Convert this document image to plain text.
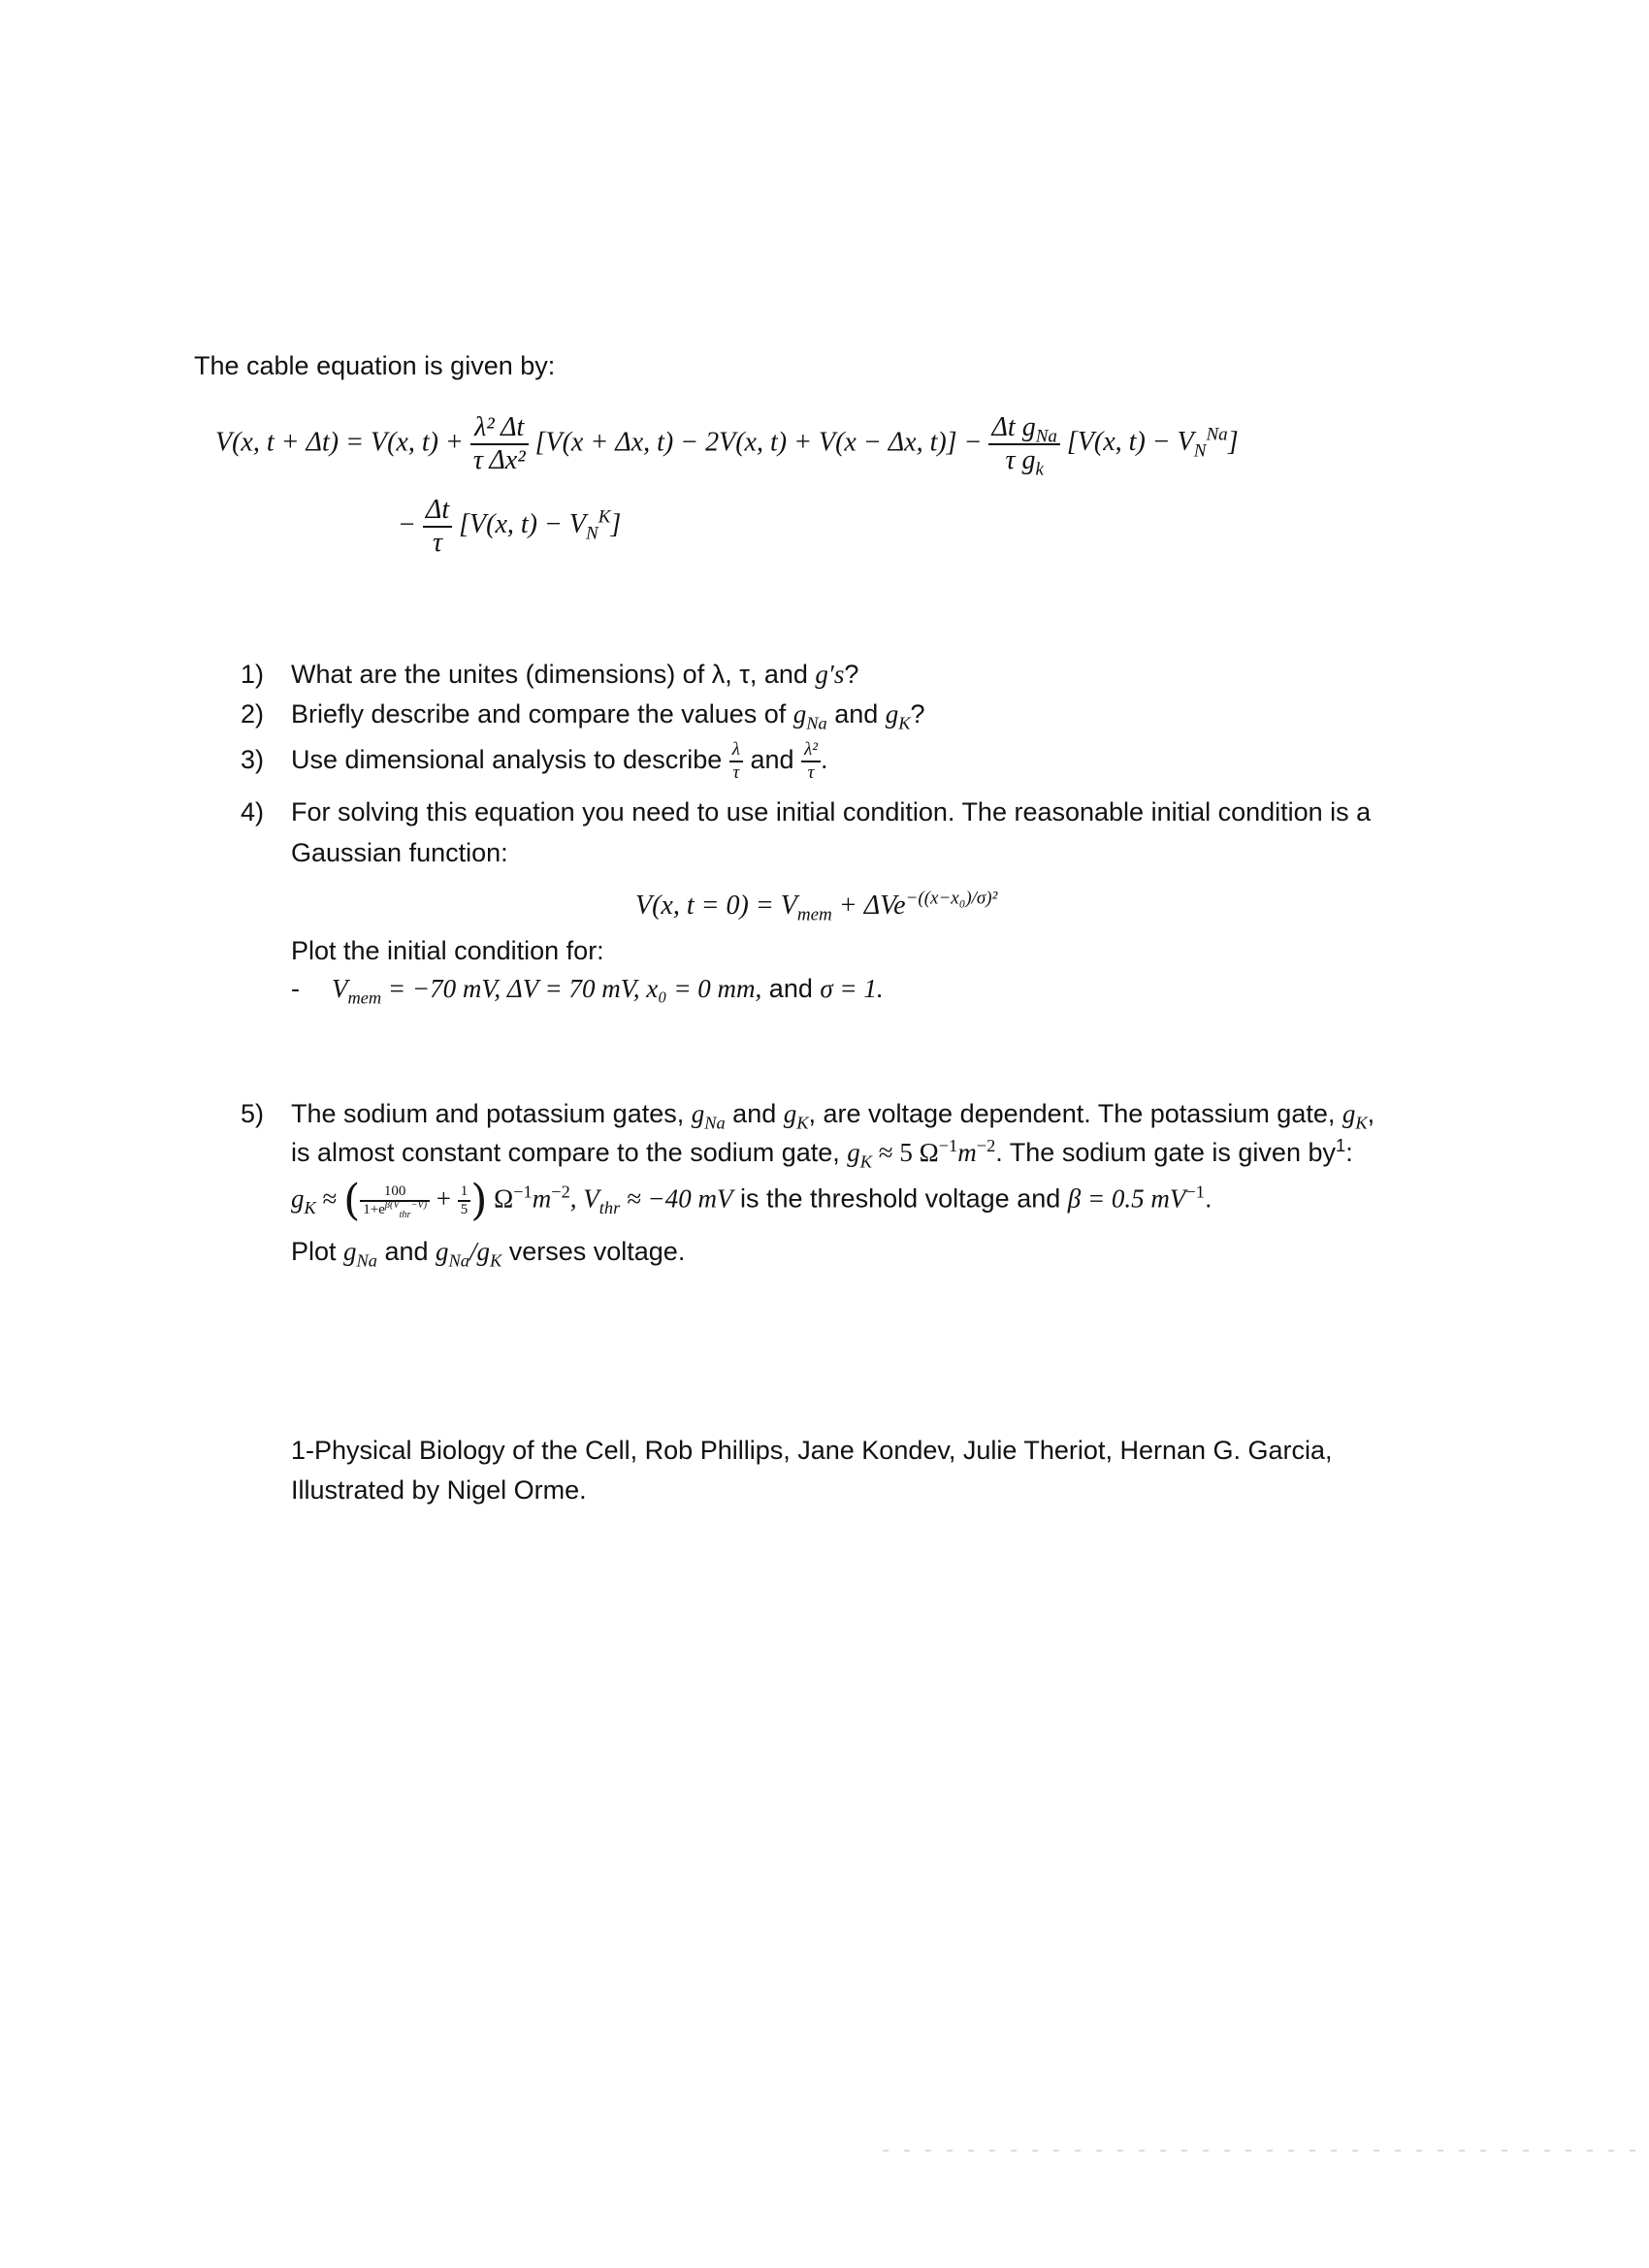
The cable equation is given by:
V(x, t + Δt) = V(x, $t) + \frac{\text{λ² Δt}}{\text{τ Δx²}} [V(x + \Delta x$, t) − 2V(x, t) + V(x − Δx, $t)] - \frac{\Delta t g_{Na}}{\tau g_k} [V(x$, $t) - V_N^{Na}$]
− $\frac{\Delta t}{\tau} [V(x$, $t) - V_N^K$]
1) What are the unites (dimensions) of λ, τ, and g′s?
2) Briefly describe and compare the values of $g_{Na}$ and $g_K$?
3) Use dimensional analysis to describe $\frac{\lambda}{\tau}$ and $\frac{\text{λ²}}{\tau}$ .
4) For solving this equation you need to use initial condition. The reasonable initial condition is a
Gaussian function:
V(x, $t = 0) = V_{mem} + \Delta Ve^{-((x-x_0)/\sigma)^2}$
Plot the initial condition for:
- $V_{mem} = -70$ mV, ΔV = 70 mV, x₀ = 0 mm, and σ = 1.
5) The sodium and potassium gates, $g_{Na}$ and $g_K$, are voltage dependent. The potassium gate, $g_K$,
is almost constant compare to the sodium gate, $g_K \approx 5$ $\Omega^{-1}m^{-2}$. The sodium gate is given $by^1$:
$g_K$ ≈ ( $\frac{100}{1+e^{\beta(V}_{thr}^{-V)}} + \frac{1}{5}$ ) $\Omega^{-1}m^{-2}$, $V_{thr} \approx -40$ mV is the threshold voltage and β = 0.5 $mV^{-1}$.
Plot $g_{Na}$ and $g_{Na}/g_K$ verses voltage.
1-Physical Biology of the Cell, Rob Phillips, Jane Kondev, Julie Theriot, Hernan G. Garcia,
Illustrated by Nigel Orme.
